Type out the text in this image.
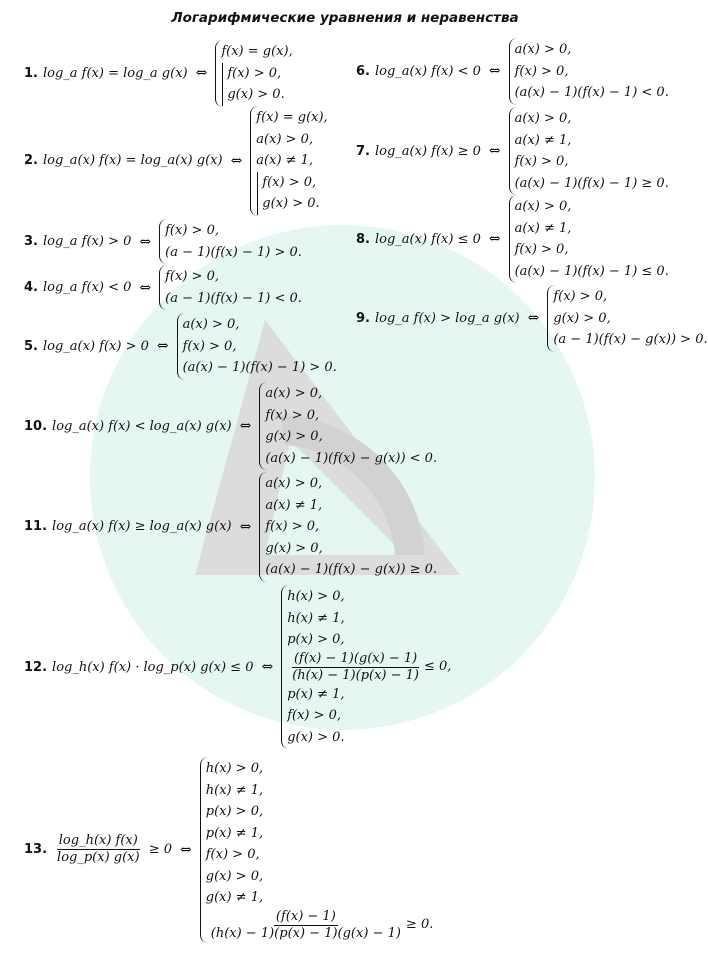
Логарифмические уравнения и неравенства
1. log_a f(x) = log_a g(x) ⇔
f(x) = g(x),
f(x) > 0,
g(x) > 0.
2. log_a(x) f(x) = log_a(x) g(x) ⇔
f(x) = g(x),
a(x) > 0,
a(x) ≠ 1,
f(x) > 0,
g(x) > 0.
3. log_a f(x) > 0 ⇔
f(x) > 0,
(a − 1)(f(x) − 1) > 0.
4. log_a f(x) < 0 ⇔
f(x) > 0,
(a − 1)(f(x) − 1) < 0.
5. log_a(x) f(x) > 0 ⇔
a(x) > 0,
f(x) > 0,
(a(x) − 1)(f(x) − 1) > 0.
6. log_a(x) f(x) < 0 ⇔
a(x) > 0,
f(x) > 0,
(a(x) − 1)(f(x) − 1) < 0.
7. log_a(x) f(x) ≥ 0 ⇔
a(x) > 0,
a(x) ≠ 1,
f(x) > 0,
(a(x) − 1)(f(x) − 1) ≥ 0.
8. log_a(x) f(x) ≤ 0 ⇔
a(x) > 0,
a(x) ≠ 1,
f(x) > 0,
(a(x) − 1)(f(x) − 1) ≤ 0.
9. log_a f(x) > log_a g(x) ⇔
f(x) > 0,
g(x) > 0,
(a − 1)(f(x) − g(x)) > 0.
10. log_a(x) f(x) < log_a(x) g(x) ⇔
a(x) > 0,
f(x) > 0,
g(x) > 0,
(a(x) − 1)(f(x) − g(x)) < 0.
11. log_a(x) f(x) ≥ log_a(x) g(x) ⇔
a(x) > 0,
a(x) ≠ 1,
f(x) > 0,
g(x) > 0,
(a(x) − 1)(f(x) − g(x)) ≥ 0.
12. log_h(x) f(x) · log_p(x) g(x) ≤ 0 ⇔
h(x) > 0,
h(x) ≠ 1,
p(x) > 0,
$\frac{(f(x) - 1)(g(x) - 1)}{(h(x) - 1)(p(x) - 1)} \le 0$,
p(x) ≠ 1,
f(x) > 0,
g(x) > 0.
13. $\frac{\log\_h(x) f(x)}{\log\_p(x) g(x)} \ge 0$ ⇔
h(x) > 0,
h(x) ≠ 1,
p(x) > 0,
p(x) ≠ 1,
f(x) > 0,
g(x) > 0,
g(x) ≠ 1,
$\frac{(f(x) - 1)}{(h(x) - 1)(p(x) - 1)(g(x) - 1)} \ge 0$.
